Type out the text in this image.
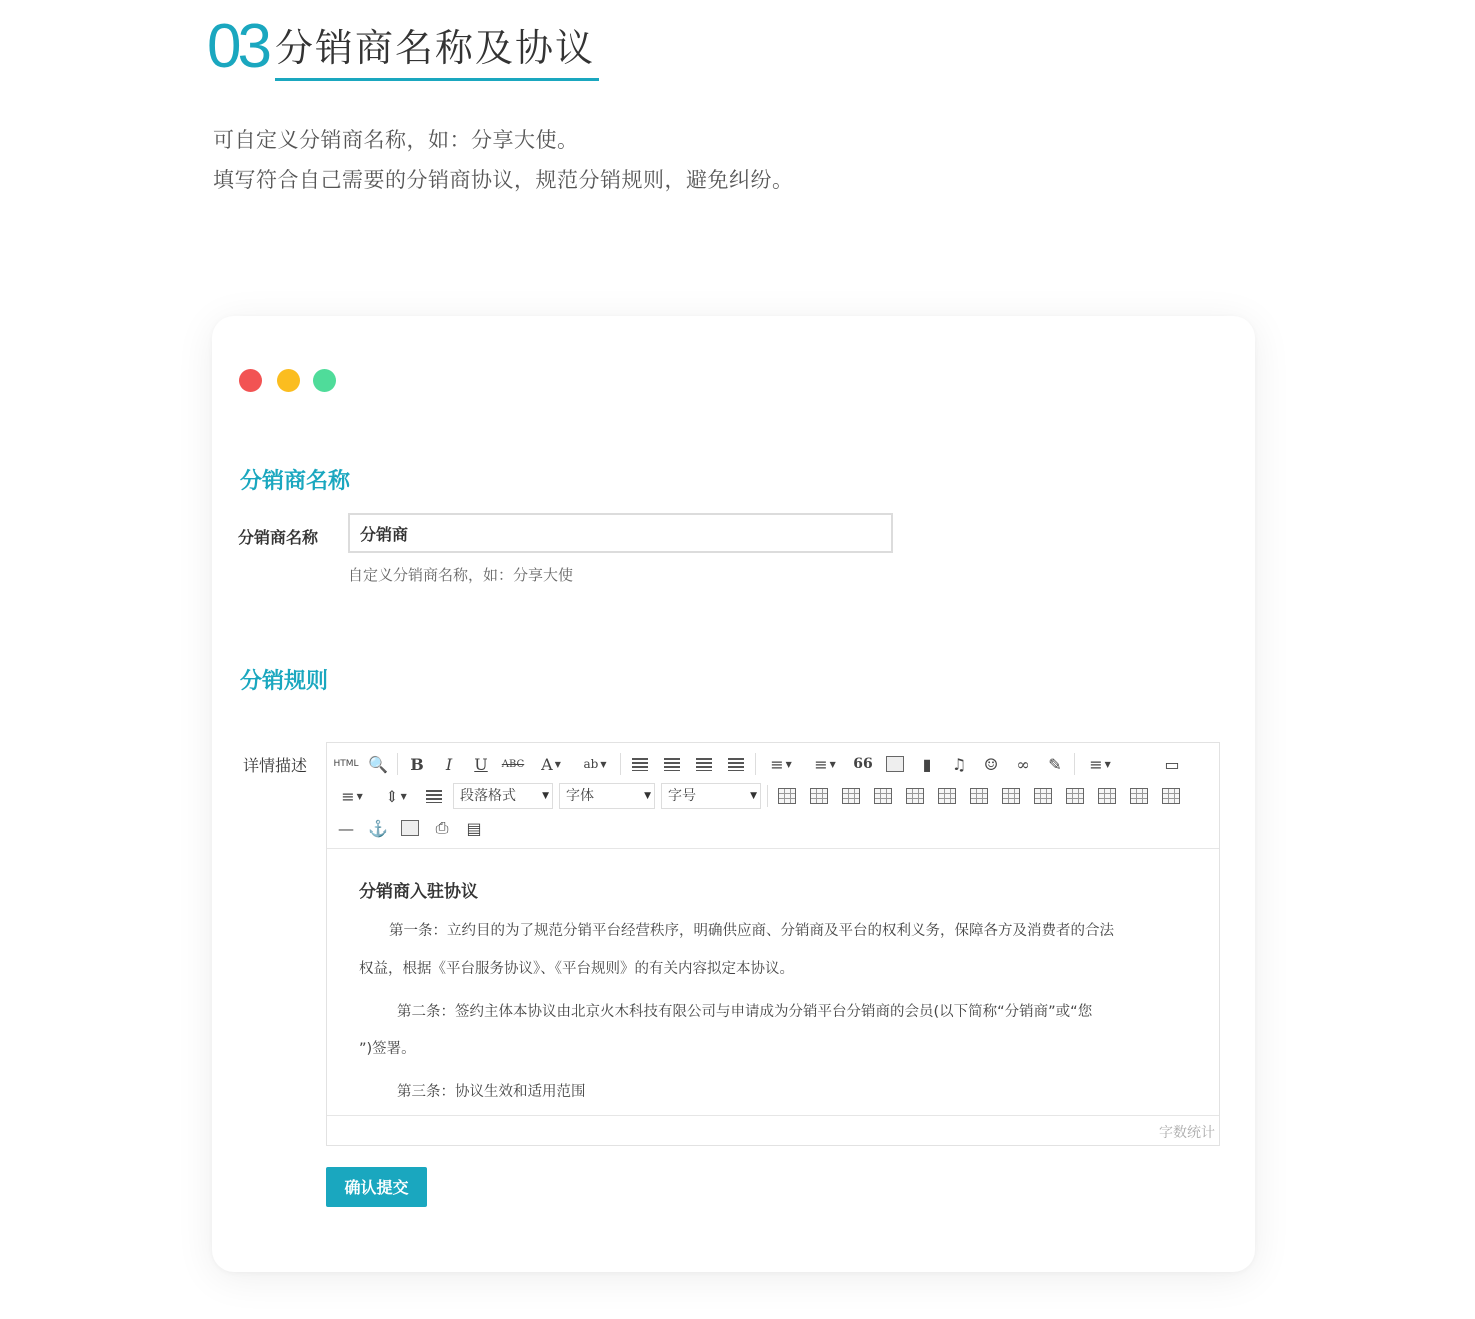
03 分销商名称及协议
可自定义分销商名称，如：分享大使。
填写符合自己需要的分销商协议，规范分销规则，避免纠纷。
分销商名称
分销商名称
分销商
自定义分销商名称，如：分享大使
分销规则
详情描述	HTML 🔍 B I U ABC A ▼	ab ▼	≡ ▼	≡ ▼ 66	▮	♫	☺	∞	✎	≡ ▼	▭
≡ ▼	⇕ ▼	段落格式	▼	字体	▼	字号	▼
— ⚓	⎙	▤
分销商入驻协议
第一条：立约目的为了规范分销平台经营秩序，明确供应商、分销商及平台的权利义务，保障各方及消费者的合法
权益，根据《平台服务协议》、《平台规则》的有关内容拟定本协议。
第二条：签约主体本协议由北京火木科技有限公司与申请成为分销平台分销商的会员(以下简称“分销商”或“您
”)签署。
第三条：协议生效和适用范围
字数统计
确认提交
